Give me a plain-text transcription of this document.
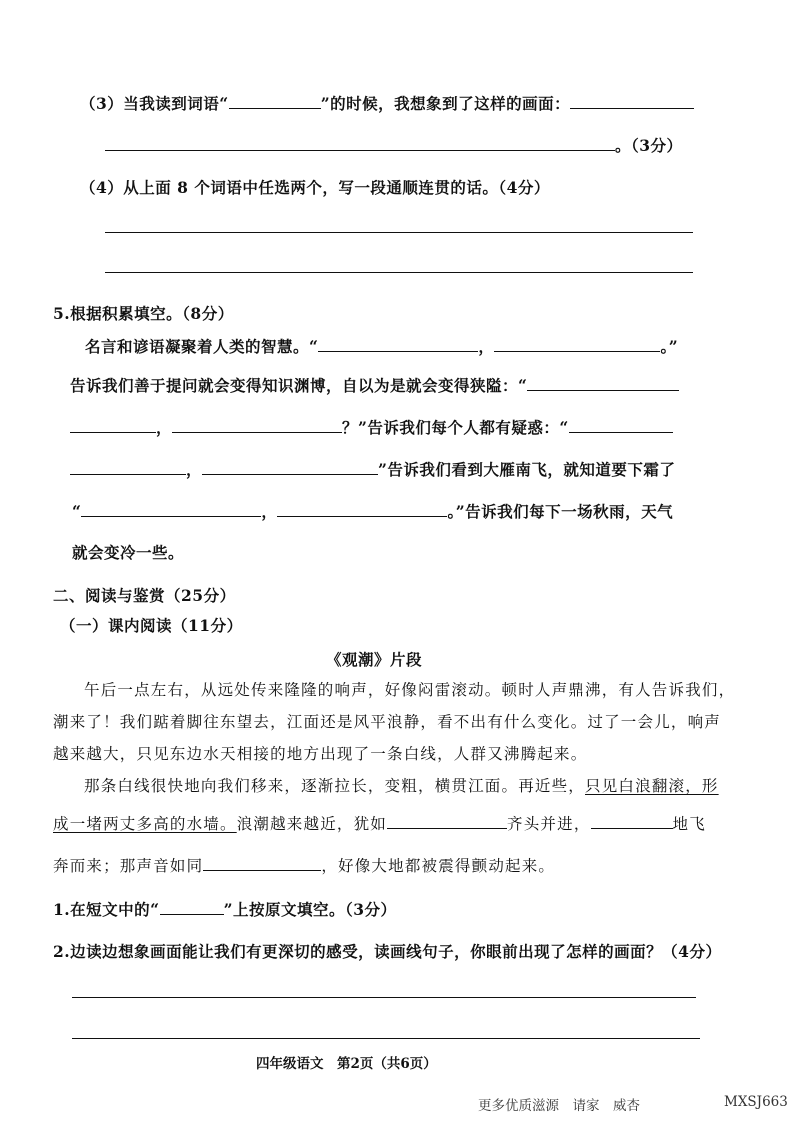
（3）当我读到词语“	”的时候，我想象到了这样的画面：
。（3分）
（4）从上面 8 个词语中任选两个，写一段通顺连贯的话。（4分）
5.根据积累填空。（8分）
名言和谚语凝聚着人类的智慧。“	，	。”
告诉我们善于提问就会变得知识渊博，自以为是就会变得狭隘：“
，	？”告诉我们每个人都有疑惑：“
，	”告诉我们看到大雁南飞，就知道要下霜了
“	，	。”告诉我们每下一场秋雨，天气
就会变冷一些。
二、阅读与鉴赏（25分）
（一）课内阅读（11分）
《观潮》片段
午后一点左右，从远处传来隆隆的响声，好像闷雷滚动。顿时人声鼎沸，有人告诉我们，
潮来了！我们踮着脚往东望去，江面还是风平浪静，看不出有什么变化。过了一会儿，响声
越来越大，只见东边水天相接的地方出现了一条白线，人群又沸腾起来。
那条白线很快地向我们移来，逐渐拉长，变粗，横贯江面。再近些，只见白浪翻滚，形
成一堵两丈多高的水墙。浪潮越来越近，犹如	齐头并进，	地飞
奔而来；那声音如同	，好像大地都被震得颤动起来。
1.在短文中的“	”上按原文填空。（3分）
2.边读边想象画面能让我们有更深切的感受，读画线句子，你眼前出现了怎样的画面？（4分）
四年级语文　第2页（共6页）
更多优质滋源　请家　威杏	MXSJ663
